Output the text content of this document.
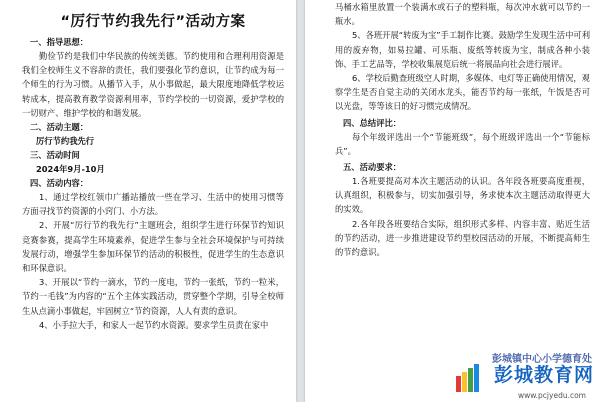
“厉行节约我先行”活动方案
一、指导思想：
勤俭节约是我们中华民族的传统美德。节约使用和合理利用资源是我们全校师生义不容辞的责任，我们要强化节约意识，让节约成为每一个师生的行为习惯。从播节入手，从小事做起，最大限度地降低学校运转成本，提高教育教学资源利用率，节约学校的一切资源，爱护学校的一切财产、维护学校的和谐发展。
二、活动主题：
厉行节约我先行
三、活动时间
2024年9月-10月
四、活动内容：
1、通过学校红领巾广播站播放一些在学习、生活中的使用习惯等方面寻找节约资源的小窍门、小方法。
2、开展“厉行节约我先行”主题班会，组织学生进行环保节约知识竞赛参赛，提高学生环境素养，促进学生参与全社会环境保护与可持续发展行动，增强学生参加环保节约活动的积极性，促进学生的生态意识和环保意识。
3、开展以“节约一滴水，节约一度电，节约一张纸，节约一粒米，节约一毛钱”为内容的“五个主体实践活动，贯穿整个学期，引导全校师生从点滴小事做起，牢固树立“节约资源，人人有责的意识。
4、小手拉大手，和家人一起节约水资源。要求学生员责在家中
马桶水箱里放置一个装满水或石子的塑料瓶，每次冲水就可以节约一瓶水。
5、各班开展“转废为宝”手工制作比赛。鼓励学生发现生活中可利用的废弃物，如易拉罐、可乐瓶、废纸等转废为宝，制成各种小装饰、手工艺品等，学校收集展览后统一将展品向社会进行展评。
6、学校后勤查班级空人时期，多媒体、电灯等正确使用情况，观察学生是否自觉主动的关闭水龙头，能否节约每一张纸，午饭是否可以光盘，等等该日的好习惯完成情况。
四、总结评比：
每个年级评选出一个“节能班级”，每个班级评选出一个“节能标兵”。
五、活动要求：
1.各班要提高对本次主题活动的认识。各年段各班要高度重视，认真组织，积极参与，切实加强引导，务求使本次主题活动取得更大的实效。
2.各年段各班要结合实际，组织形式多样、内容丰富、贴近生活的节约活动，进一步推进建设节约型校园活动的开展，不断提高师生的节约意识。
彭城镇中心小学德育处
彭城教育网
www.pcjyedu.com
